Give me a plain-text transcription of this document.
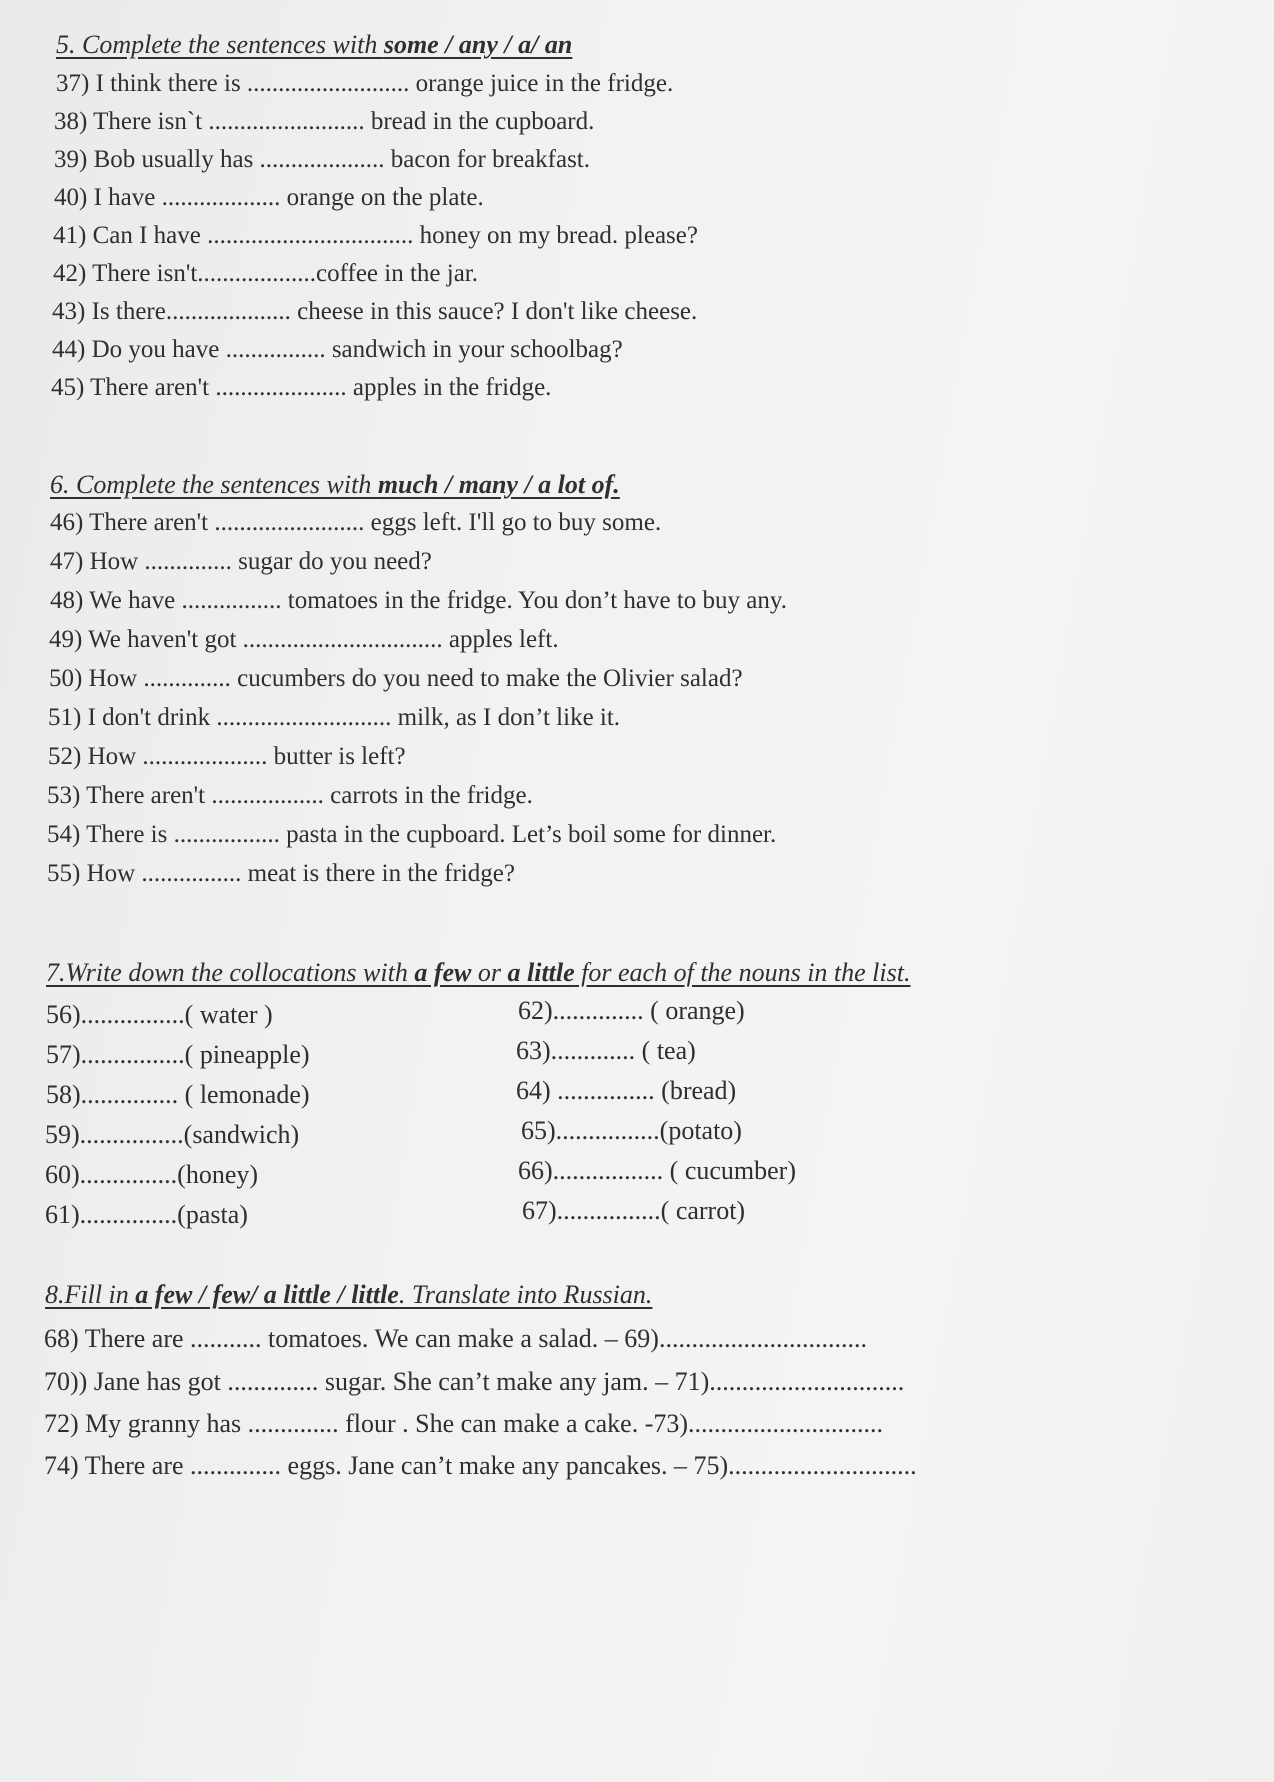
5. Complete the sentences with some / any / a/ an
37) I think there is .......................... orange juice in the fridge.
38) There isn`t ......................... bread in the cupboard.
39) Bob usually has .................... bacon for breakfast.
40) I have ................... orange on the plate.
41) Can I have ................................. honey on my bread. please?
42) There isn't...................coffee in the jar.
43) Is there.................... cheese in this sauce? I don't like cheese.
44) Do you have ................ sandwich in your schoolbag?
45) There aren't ..................... apples in the fridge.
6. Complete the sentences with much / many / a lot of.
46) There aren't ........................ eggs left. I'll go to buy some.
47) How .............. sugar do you need?
48) We have ................ tomatoes in the fridge. You don’t have to buy any.
49) We haven't got ................................ apples left.
50) How .............. cucumbers do you need to make the Olivier salad?
51) I don't drink ............................ milk, as I don’t like it.
52) How .................... butter is left?
53) There aren't .................. carrots in the fridge.
54) There is ................. pasta in the cupboard. Let’s boil some for dinner.
55) How ................ meat is there in the fridge?
7.Write down the collocations with a few or a little for each of the nouns in the list.
56)................( water )
57)................( pineapple)
58)............... ( lemonade)
59)................(sandwich)
60)...............(honey)
61)...............(pasta)
62).............. ( orange)
63)............. ( tea)
64) ............... (bread)
65)................(potato)
66)................. ( cucumber)
67)................( carrot)
8.Fill in a few / few/ a little / little. Translate into Russian.
68) There are ........... tomatoes. We can make a salad. – 69)................................
70)) Jane has got .............. sugar. She can’t make any jam. – 71)..............................
72) My granny has .............. flour . She can make a cake. -73)..............................
74) There are .............. eggs. Jane can’t make any pancakes. – 75).............................
